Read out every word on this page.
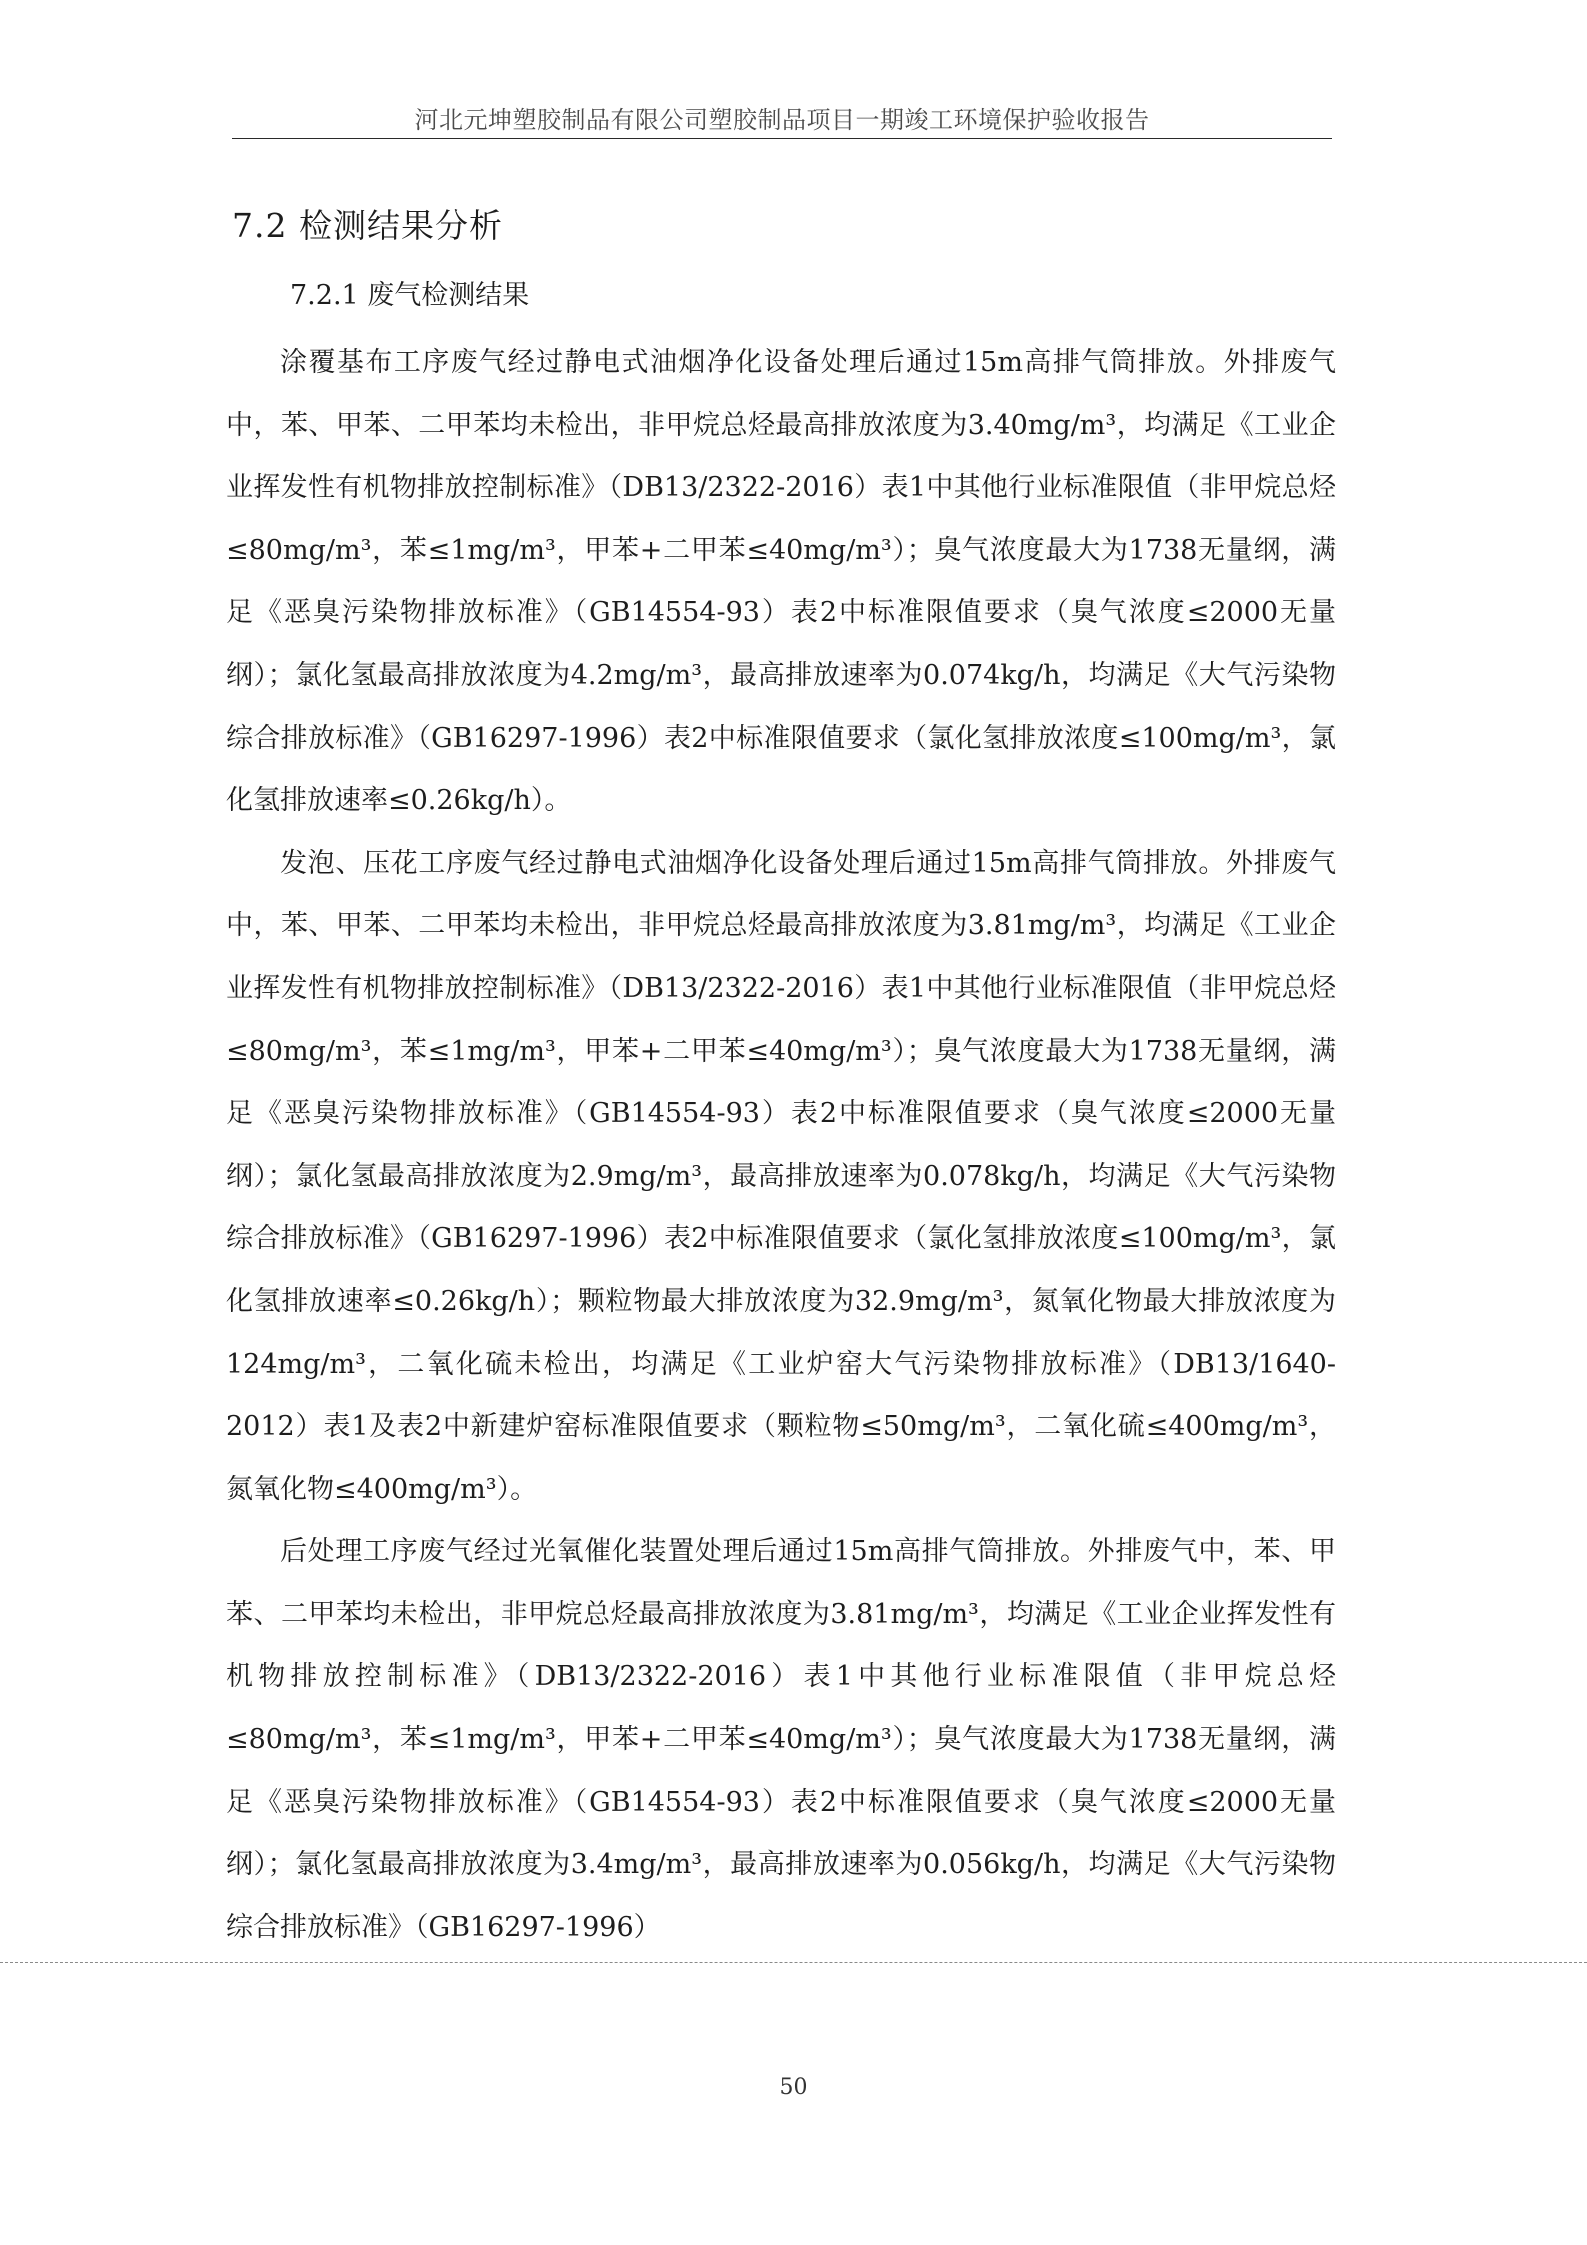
河北元坤塑胶制品有限公司塑胶制品项目一期竣工环境保护验收报告
7.2 检测结果分析
7.2.1 废气检测结果

涂覆基布工序废气经过静电式油烟净化设备处理后通过15m高排气筒排放。外排废气中，苯、甲苯、二甲苯均未检出，非甲烷总烃最高排放浓度为3.40mg/m³，均满足《工业企业挥发性有机物排放控制标准》（DB13/2322-2016）表1中其他行业标准限值（非甲烷总烃≤80mg/m³，苯≤1mg/m³，甲苯+二甲苯≤40mg/m³）；臭气浓度最大为1738无量纲，满足《恶臭污染物排放标准》（GB14554-93）表2中标准限值要求（臭气浓度≤2000无量纲）；氯化氢最高排放浓度为4.2mg/m³，最高排放速率为0.074kg/h，均满足《大气污染物综合排放标准》（GB16297-1996）表2中标准限值要求（氯化氢排放浓度≤100mg/m³，氯化氢排放速率≤0.26kg/h）。

发泡、压花工序废气经过静电式油烟净化设备处理后通过15m高排气筒排放。外排废气中，苯、甲苯、二甲苯均未检出，非甲烷总烃最高排放浓度为3.81mg/m³，均满足《工业企业挥发性有机物排放控制标准》（DB13/2322-2016）表1中其他行业标准限值（非甲烷总烃≤80mg/m³，苯≤1mg/m³，甲苯+二甲苯≤40mg/m³）；臭气浓度最大为1738无量纲，满足《恶臭污染物排放标准》（GB14554-93）表2中标准限值要求（臭气浓度≤2000无量纲）；氯化氢最高排放浓度为2.9mg/m³，最高排放速率为0.078kg/h，均满足《大气污染物综合排放标准》（GB16297-1996）表2中标准限值要求（氯化氢排放浓度≤100mg/m³，氯化氢排放速率≤0.26kg/h）；颗粒物最大排放浓度为32.9mg/m³，氮氧化物最大排放浓度为124mg/m³，二氧化硫未检出，均满足《工业炉窑大气污染物排放标准》（DB13/1640-2012）表1及表2中新建炉窑标准限值要求（颗粒物≤50mg/m³，二氧化硫≤400mg/m³，氮氧化物≤400mg/m³）。

后处理工序废气经过光氧催化装置处理后通过15m高排气筒排放。外排废气中，苯、甲苯、二甲苯均未检出，非甲烷总烃最高排放浓度为3.81mg/m³，均满足《工业企业挥发性有机物排放控制标准》（DB13/2322-2016）表1中其他行业标准限值（非甲烷总烃≤80mg/m³，苯≤1mg/m³，甲苯+二甲苯≤40mg/m³）；臭气浓度最大为1738无量纲，满足《恶臭污染物排放标准》（GB14554-93）表2中标准限值要求（臭气浓度≤2000无量纲）；氯化氢最高排放浓度为3.4mg/m³，最高排放速率为0.056kg/h，均满足《大气污染物综合排放标准》（GB16297-1996）

50
